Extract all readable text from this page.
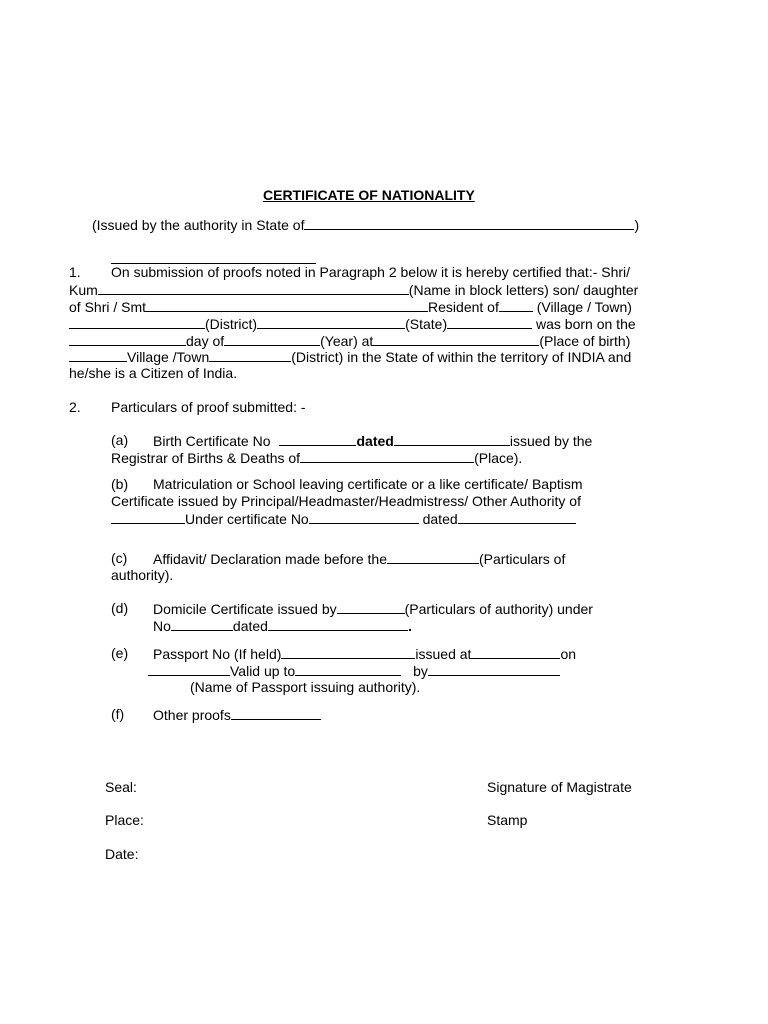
CERTIFICATE OF NATIONALITY
(Issued by the authority in State of	)
1. On submission of proofs noted in Paragraph 2 below it is hereby certified that:- Shri/
Kum	(Name in block letters) son/ daughter
of Shri / Smt	Resident of (Village / Town)
(District)	(State)	was born on the
day of	(Year) at	(Place of birth)
Village /Town	(District) in the State of within the territory of INDIA and
he/she is a Citizen of India.
2. Particulars of proof submitted: -
(a) Birth Certificate No	dated	issued by the
Registrar of Births & Deaths of	(Place).
(b) Matriculation or School leaving certificate or a like certificate/ Baptism
Certificate issued by Principal/Headmaster/Headmistress/ Other Authority of
Under certificate No	dated
(c) Affidavit/ Declaration made before the	(Particulars of
authority).
(d) Domicile Certificate issued by	(Particulars of authority) under
No	dated	.
(e) Passport No (If held)	issued at	on
Valid up to	by
(Name of Passport issuing authority).
(f) Other proofs
Seal:	Signature of Magistrate
Place:	Stamp
Date:
